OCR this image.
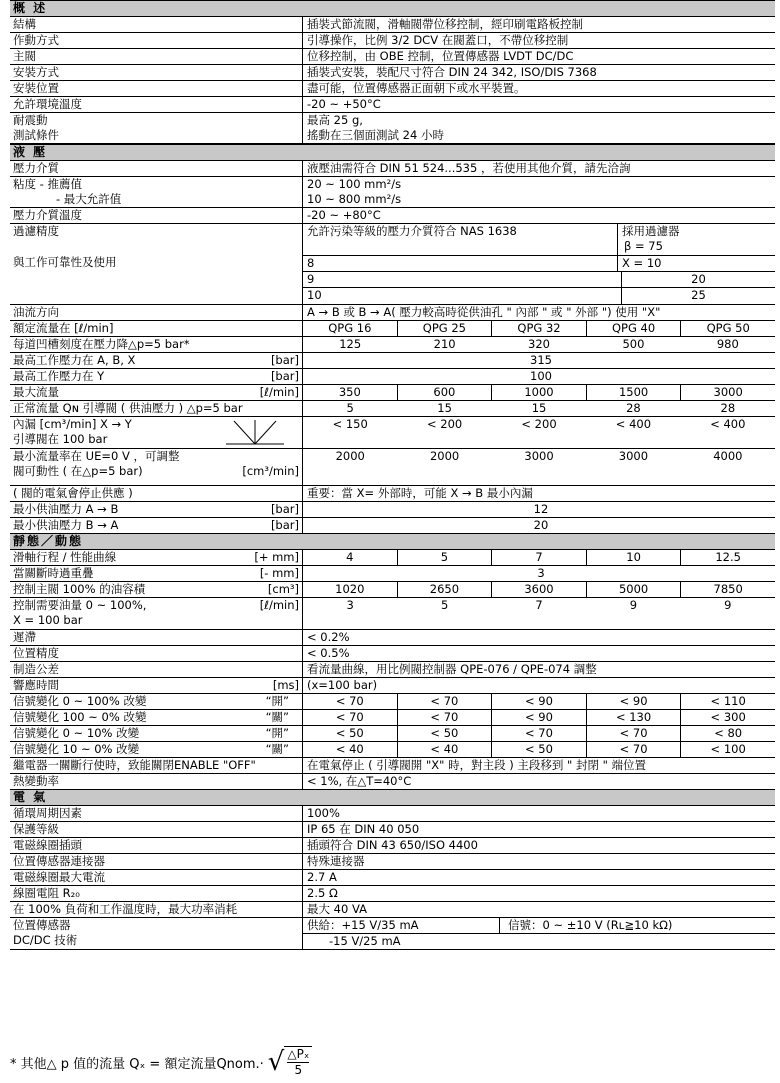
概 述
結構	插裝式節流閥，滑軸閥帶位移控制，經印刷電路板控制
作動方式	引導操作，比例 3/2 DCV 在閥蓋口，不帶位移控制
主閥	位移控制，由 OBE 控制，位置傳感器 LVDT DC/DC
安裝方式	插裝式安裝，裝配尺寸符合 DIN 24 342, ISO/DIS 7368
安裝位置	盡可能，位置傳感器正面朝下或水平裝置。
允許環境溫度	-20 ~ +50°C
耐震動	最高 25 g,
測試條件	搖動在三個面測試 24 小時
液 壓
壓力介質	液壓油需符合 DIN 51 524...535 ，若使用其他介質，請先洽詢
粘度 - 推薦值	20 ~ 100 mm²/s
- 最大允許值	10 ~ 800 mm²/s
壓力介質溫度	-20 ~ +80°C
過濾精度
與工作可靠性及使用
允許污染等級的壓力介質符合 NAS 1638	採用過濾器
β = 75
8	X = 10
9	20
10	25
油流方向	A → B 或 B → A( 壓力較高時從供油孔 " 內部 " 或 " 外部 ") 使用 "X"
額定流量在 [ℓ/min]	QPG 16	QPG 25	QPG 32	QPG 40	QPG 50
每道凹槽刻度在壓力降△p=5 bar*	125	210	320	500	980
最高工作壓力在 A, B, X	[bar]	315
最高工作壓力在 Y	[bar]	100
最大流量	[ℓ/min]	350	600	1000	1500	3000
正常流量 Qɴ 引導閥 ( 供油壓力 ) △p=5 bar	5	15	15	28	28
內漏 [cm³/min] X → Y
引導閥在 100 bar
< 150	< 200	< 200	< 400	< 400
最小流量率在 UE=0 V ，可調整
閥可動性 ( 在△p=5 bar)	[cm³/min]
2000	2000	3000	3000	4000
( 閥的電氣會停止供應 )	重要：當 X= 外部時，可能 X → B 最小內漏
最小供油壓力 A → B	[bar]	12
最小供油壓力 B → A	[bar]	20
靜態／動態
滑軸行程 / 性能曲線	[+ mm]	4	5	7	10	12.5
當關斷時過重疊	[- mm]	3
控制主閥 100% 的油容積	[cm³]	1020	2650	3600	5000	7850
控制需要油量 0 ~ 100%,	[ℓ/min]
X = 100 bar
3	5	7	9	9
遲滯	< 0.2%
位置精度	< 0.5%
制造公差	看流量曲線，用比例閥控制器 QPE-076 / QPE-074 調整
響應時間	[ms] (x=100 bar)
信號變化 0 ~ 100% 改變	“開”	< 70	< 70	< 90	< 90	< 110
信號變化 100 ~ 0% 改變	“關”	< 70	< 70	< 90	< 130	< 300
信號變化 0 ~ 10% 改變	“開”	< 50	< 50	< 70	< 70	< 80
信號變化 10 ~ 0% 改變	“關”	< 40	< 40	< 50	< 70	< 100
繼電器一關斷行使時，致能關閉ENABLE "OFF"	在電氣停止 ( 引導閥開 "X" 時，對主段 ) 主段移到 " 封閉 " 端位置
熱變動率	< 1%, 在△T=40°C
電 氣
循環周期因素	100%
保護等級	IP 65 在 DIN 40 050
電磁線圈插頭	插頭符合 DIN 43 650/ISO 4400
位置傳感器連接器	特殊連接器
電磁線圈最大電流	2.7 A
線圈電阻 R₂₀	2.5 Ω
在 100% 負荷和工作溫度時，最大功率消耗	最大 40 VA
位置傳感器
DC/DC 技術
供給：+15 V/35 mA	信號：0 ~ ±10 V (Rʟ≧10 kΩ)
-15 V/25 mA
* 其他△ p 值的流量 Qₓ = 額定流量Qnom.· √ $\frac{\text{△Pₓ}}{5}$
